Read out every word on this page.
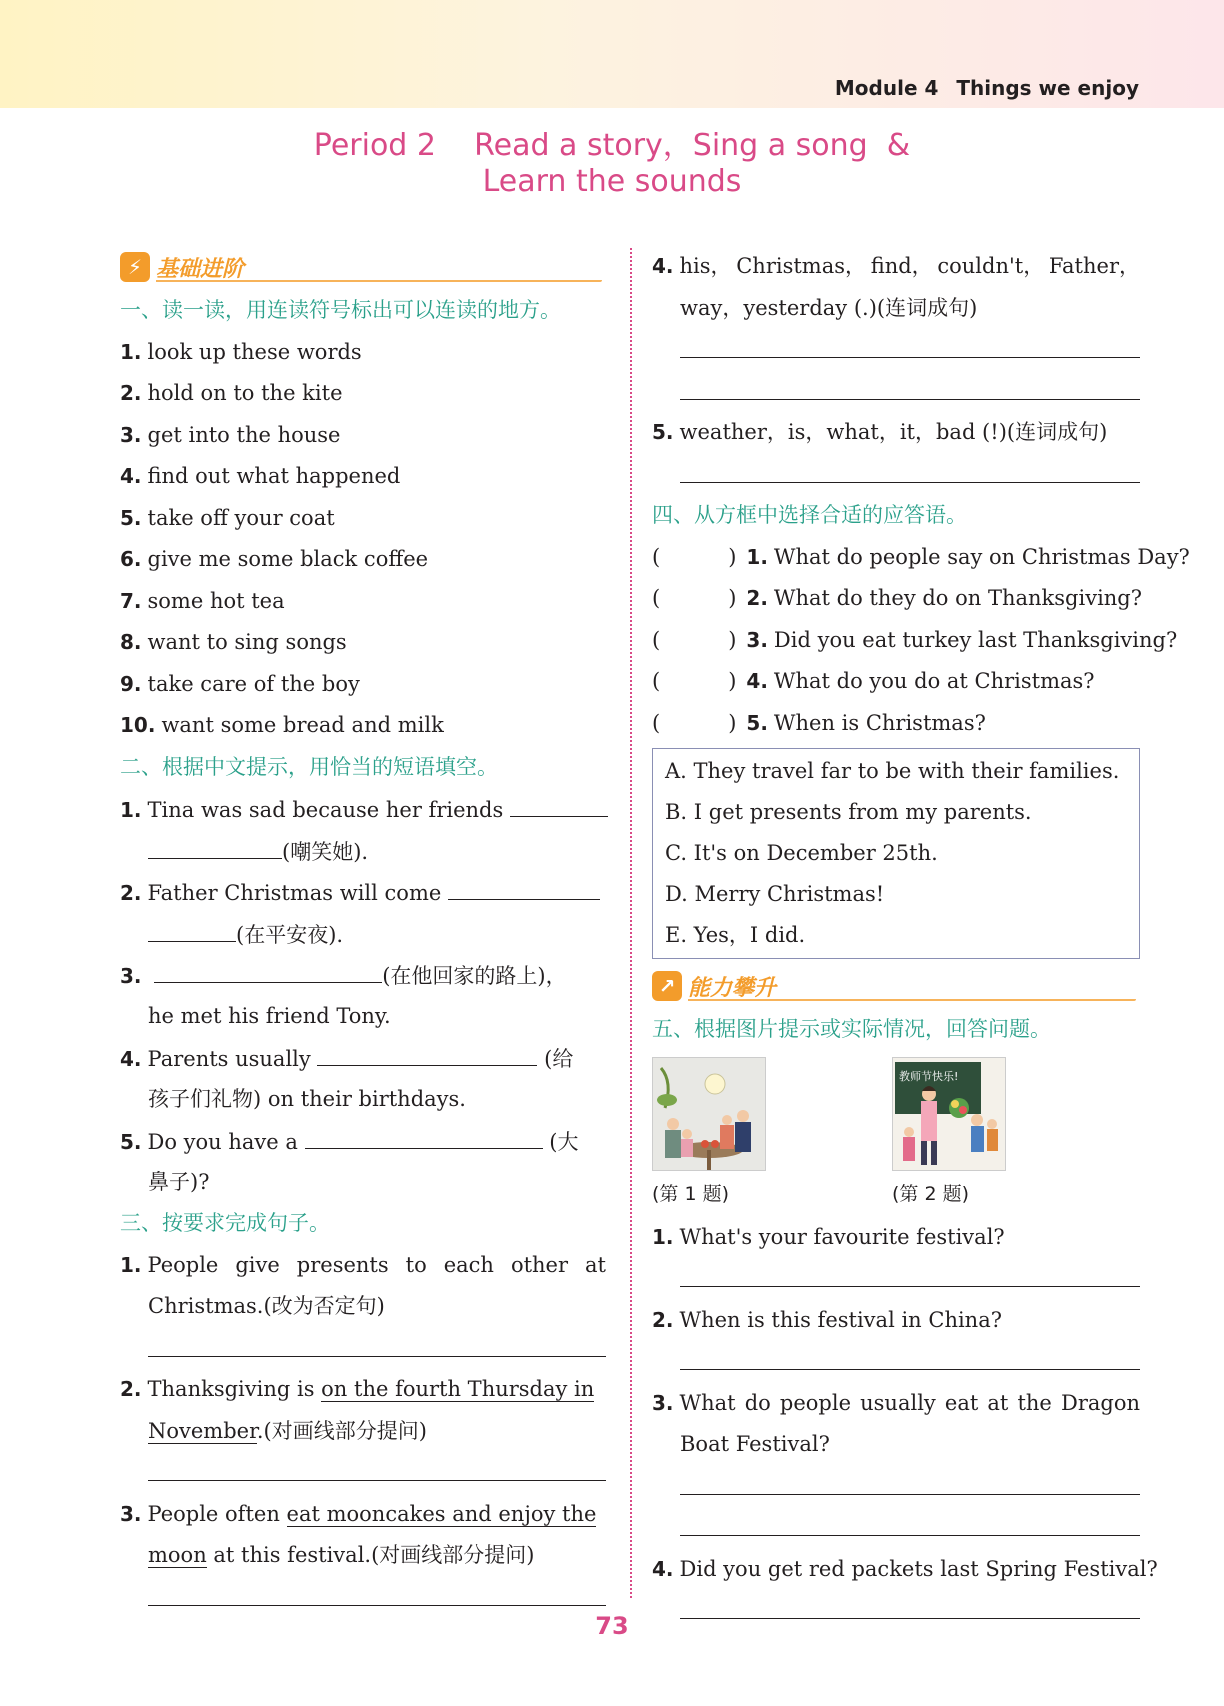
Module 4 Things we enjoy
Period 2    Read a story，Sing a song  &
Learn the sounds
⚡ 基础进阶
一、读一读，用连读符号标出可以连读的地方。
1. look up these words
2. hold on to the kite
3. get into the house
4. find out what happened
5. take off your coat
6. give me some black coffee
7. some hot tea
8. want to sing songs
9. take care of the boy
10. want some bread and milk
二、根据中文提示，用恰当的短语填空。
1. Tina was sad because her friends
(嘲笑她).
2. Father Christmas will come
(在平安夜).
3.	(在他回家的路上)，
he met his friend Tony.
4. Parents usually	(给
孩子们礼物) on their birthdays.
5. Do you have a	(大
鼻子)?
三、按要求完成句子。
1. People give presents to each other at
Christmas.(改为否定句)
2. Thanksgiving is on the fourth Thursday in
November.(对画线部分提问)
3. People often eat mooncakes and enjoy the
moon at this festival.(对画线部分提问)
4. his， Christmas， find， couldn't， Father，
way，yesterday (.)(连词成句)
5. weather，is，what，it，bad (!)(连词成句)
四、从方框中选择合适的应答语。
(	) 1. What do people say on Christmas Day?
(	) 2. What do they do on Thanksgiving?
(	) 3. Did you eat turkey last Thanksgiving?
(	) 4. What do you do at Christmas?
(	) 5. When is Christmas?
A. They travel far to be with their families.
B. I get presents from my parents.
C. It's on December 25th.
D. Merry Christmas!
E. Yes，I did.
↗ 能力攀升
五、根据图片提示或实际情况，回答问题。
(第 1 题)
教师节快乐!
(第 2 题)
1. What's your favourite festival?
2. When is this festival in China?
3. What do people usually eat at the Dragon
Boat Festival?
4. Did you get red packets last Spring Festival?
73
